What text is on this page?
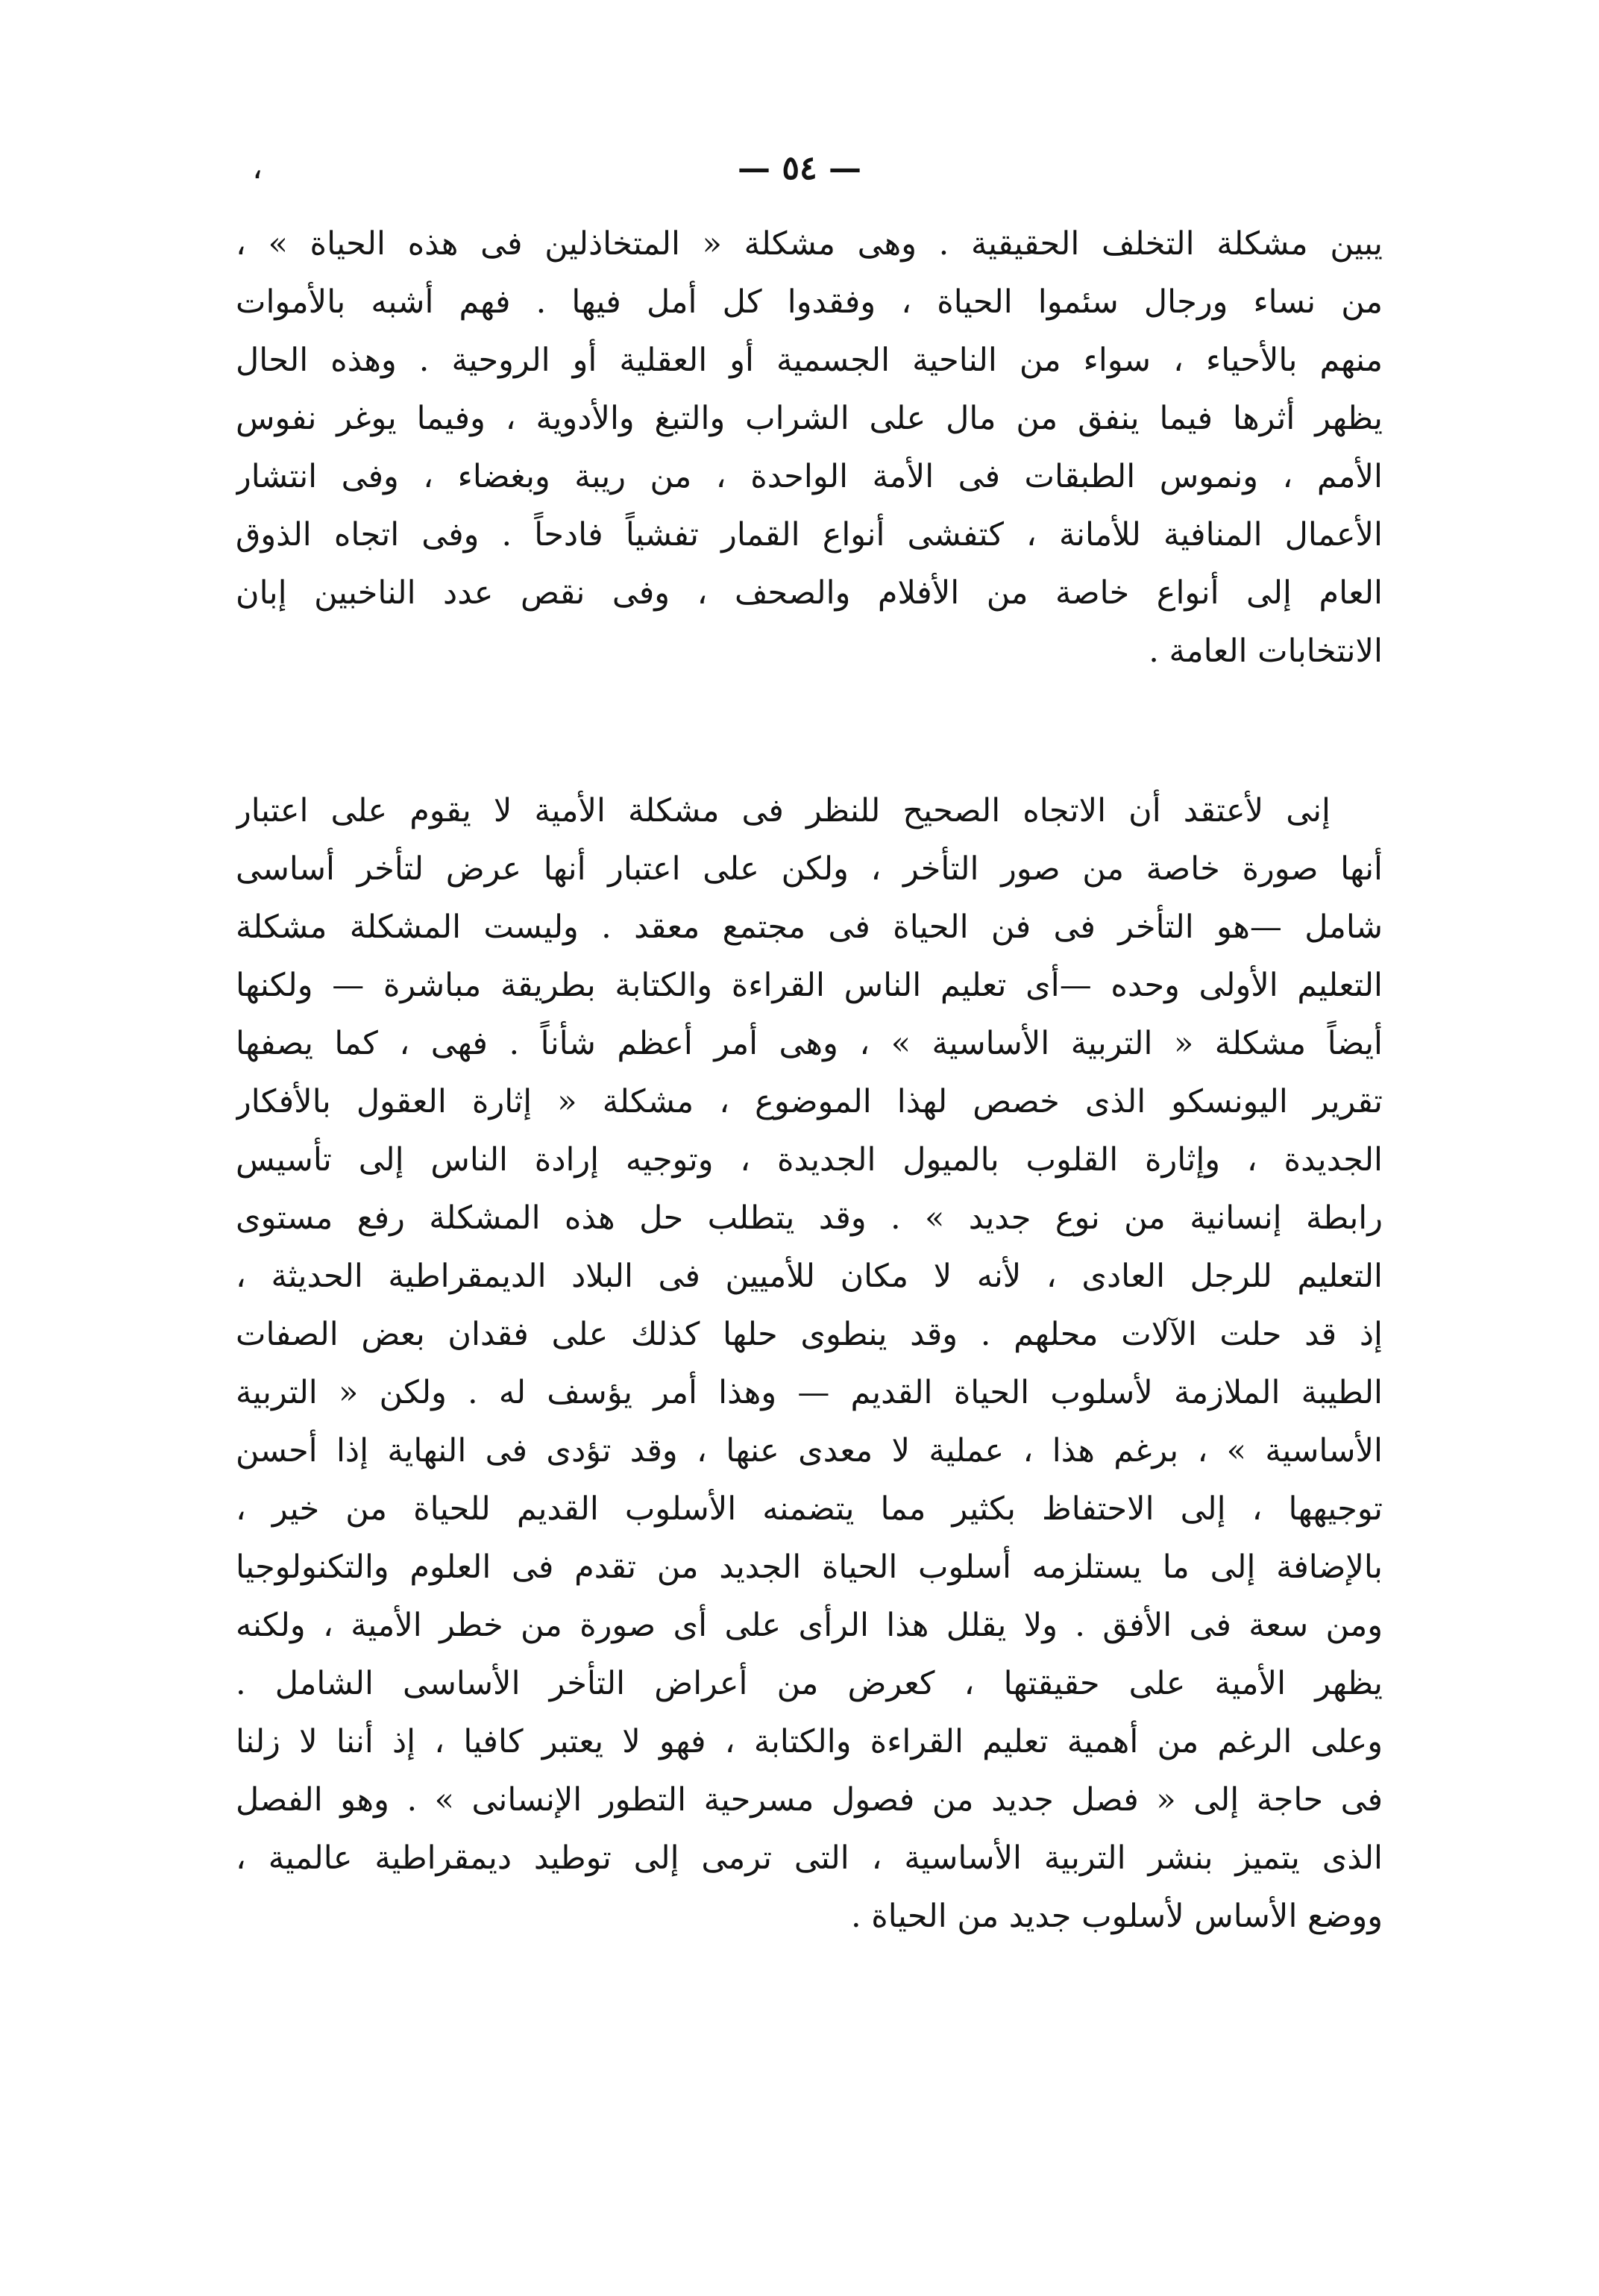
— ٥٤ —
،
يبين مشكلة التخلف الحقيقية . وهى مشكلة « المتخاذلين فى هذه الحياة » ،
من نساء ورجال سئموا الحياة ، وفقدوا كل أمل فيها . فهم أشبه بالأموات
منهم بالأحياء ، سواء من الناحية الجسمية أو العقلية أو الروحية . وهذه الحال
يظهر أثرها فيما ينفق من مال على الشراب والتبغ والأدوية ، وفيما يوغر نفوس
الأمم ، ونموس الطبقات فى الأمة الواحدة ، من ريبة وبغضاء ، وفى انتشار
الأعمال المنافية للأمانة ، كتفشى أنواع القمار تفشياً فادحاً . وفى اتجاه الذوق
العام إلى أنواع خاصة من الأفلام والصحف ، وفى نقص عدد الناخبين إبان
الانتخابات العامة .
إنى لأعتقد أن الاتجاه الصحيح للنظر فى مشكلة الأمية لا يقوم على اعتبار
أنها صورة خاصة من صور التأخر ، ولكن على اعتبار أنها عرض لتأخر أساسى
شامل —هو التأخر فى فن الحياة فى مجتمع معقد . وليست المشكلة مشكلة
التعليم الأولى وحده —أى تعليم الناس القراءة والكتابة بطريقة مباشرة — ولكنها
أيضاً مشكلة « التربية الأساسية » ، وهى أمر أعظم شأناً . فهى ، كما يصفها
تقرير اليونسكو الذى خصص لهذا الموضوع ، مشكلة « إثارة العقول بالأفكار
الجديدة ، وإثارة القلوب بالميول الجديدة ، وتوجيه إرادة الناس إلى تأسيس
رابطة إنسانية من نوع جديد » . وقد يتطلب حل هذه المشكلة رفع مستوى
التعليم للرجل العادى ، لأنه لا مكان للأميين فى البلاد الديمقراطية الحديثة ،
إذ قد حلت الآلات محلهم . وقد ينطوى حلها كذلك على فقدان بعض الصفات
الطيبة الملازمة لأسلوب الحياة القديم — وهذا أمر يؤسف له . ولكن « التربية
الأساسية » ، برغم هذا ، عملية لا معدى عنها ، وقد تؤدى فى النهاية إذا أحسن
توجيهها ، إلى الاحتفاظ بكثير مما يتضمنه الأسلوب القديم للحياة من خير ،
بالإضافة إلى ما يستلزمه أسلوب الحياة الجديد من تقدم فى العلوم والتكنولوجيا
ومن سعة فى الأفق . ولا يقلل هذا الرأى على أى صورة من خطر الأمية ، ولكنه
يظهر الأمية على حقيقتها ، كعرض من أعراض التأخر الأساسى الشامل .
وعلى الرغم من أهمية تعليم القراءة والكتابة ، فهو لا يعتبر كافيا ، إذ أننا لا زلنا
فى حاجة إلى « فصل جديد من فصول مسرحية التطور الإنسانى » . وهو الفصل
الذى يتميز بنشر التربية الأساسية ، التى ترمى إلى توطيد ديمقراطية عالمية ،
ووضع الأساس لأسلوب جديد من الحياة .
